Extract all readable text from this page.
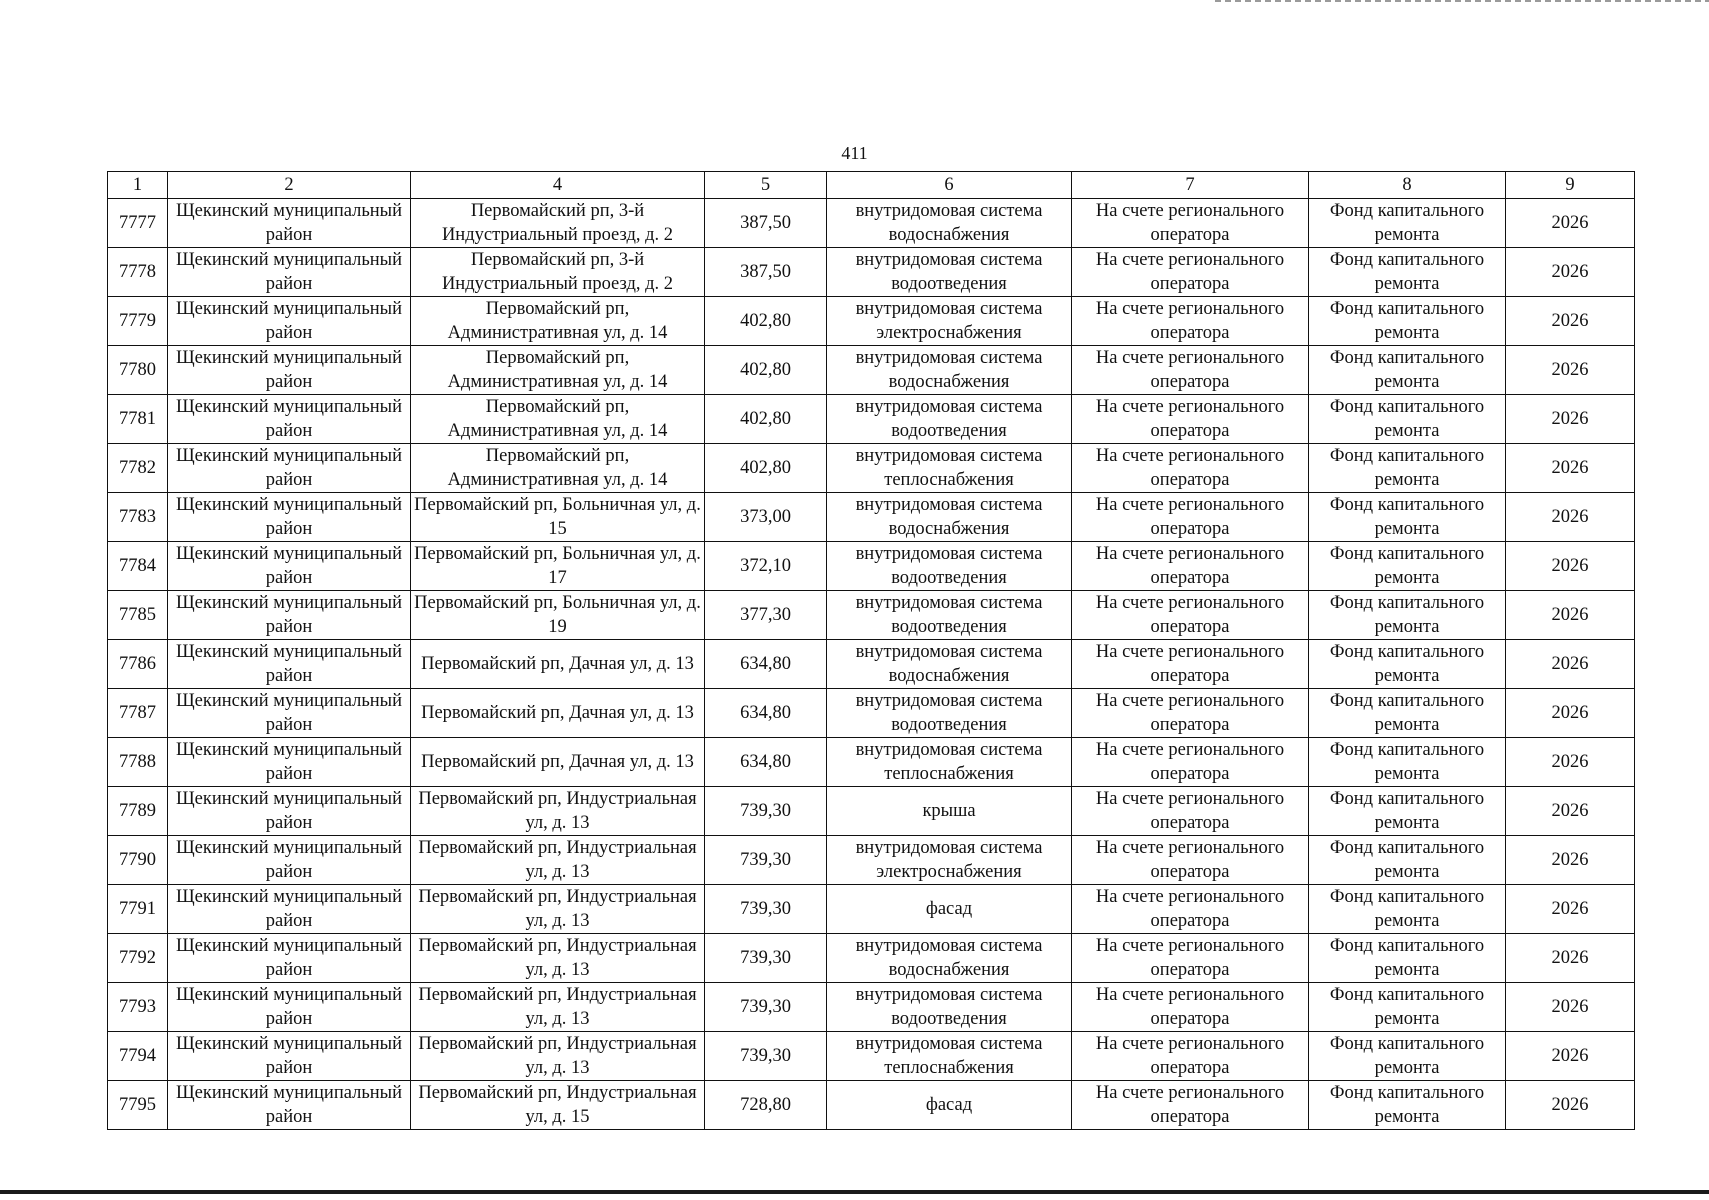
411
1	2	4	5	6	7	8	9
7777	Щекинский муниципальный район	Первомайский рп, 3-й Индустриальный проезд, д. 2	387,50	внутридомовая система водоснабжения	На счете регионального оператора	Фонд капитального ремонта	2026
7778	Щекинский муниципальный район	Первомайский рп, 3-й Индустриальный проезд, д. 2	387,50	внутридомовая система водоотведения	На счете регионального оператора	Фонд капитального ремонта	2026
7779	Щекинский муниципальный район	Первомайский рп, Административная ул, д. 14	402,80	внутридомовая система электроснабжения	На счете регионального оператора	Фонд капитального ремонта	2026
7780	Щекинский муниципальный район	Первомайский рп, Административная ул, д. 14	402,80	внутридомовая система водоснабжения	На счете регионального оператора	Фонд капитального ремонта	2026
7781	Щекинский муниципальный район	Первомайский рп, Административная ул, д. 14	402,80	внутридомовая система водоотведения	На счете регионального оператора	Фонд капитального ремонта	2026
7782	Щекинский муниципальный район	Первомайский рп, Административная ул, д. 14	402,80	внутридомовая система теплоснабжения	На счете регионального оператора	Фонд капитального ремонта	2026
7783	Щекинский муниципальный район	Первомайский рп, Больничная ул, д. 15	373,00	внутридомовая система водоснабжения	На счете регионального оператора	Фонд капитального ремонта	2026
7784	Щекинский муниципальный район	Первомайский рп, Больничная ул, д. 17	372,10	внутридомовая система водоотведения	На счете регионального оператора	Фонд капитального ремонта	2026
7785	Щекинский муниципальный район	Первомайский рп, Больничная ул, д. 19	377,30	внутридомовая система водоотведения	На счете регионального оператора	Фонд капитального ремонта	2026
7786	Щекинский муниципальный район	Первомайский рп, Дачная ул, д. 13	634,80	внутридомовая система водоснабжения	На счете регионального оператора	Фонд капитального ремонта	2026
7787	Щекинский муниципальный район	Первомайский рп, Дачная ул, д. 13	634,80	внутридомовая система водоотведения	На счете регионального оператора	Фонд капитального ремонта	2026
7788	Щекинский муниципальный район	Первомайский рп, Дачная ул, д. 13	634,80	внутридомовая система теплоснабжения	На счете регионального оператора	Фонд капитального ремонта	2026
7789	Щекинский муниципальный район	Первомайский рп, Индустриальная ул, д. 13	739,30	крыша	На счете регионального оператора	Фонд капитального ремонта	2026
7790	Щекинский муниципальный район	Первомайский рп, Индустриальная ул, д. 13	739,30	внутридомовая система электроснабжения	На счете регионального оператора	Фонд капитального ремонта	2026
7791	Щекинский муниципальный район	Первомайский рп, Индустриальная ул, д. 13	739,30	фасад	На счете регионального оператора	Фонд капитального ремонта	2026
7792	Щекинский муниципальный район	Первомайский рп, Индустриальная ул, д. 13	739,30	внутридомовая система водоснабжения	На счете регионального оператора	Фонд капитального ремонта	2026
7793	Щекинский муниципальный район	Первомайский рп, Индустриальная ул, д. 13	739,30	внутридомовая система водоотведения	На счете регионального оператора	Фонд капитального ремонта	2026
7794	Щекинский муниципальный район	Первомайский рп, Индустриальная ул, д. 13	739,30	внутридомовая система теплоснабжения	На счете регионального оператора	Фонд капитального ремонта	2026
7795	Щекинский муниципальный район	Первомайский рп, Индустриальная ул, д. 15	728,80	фасад	На счете регионального оператора	Фонд капитального ремонта	2026
